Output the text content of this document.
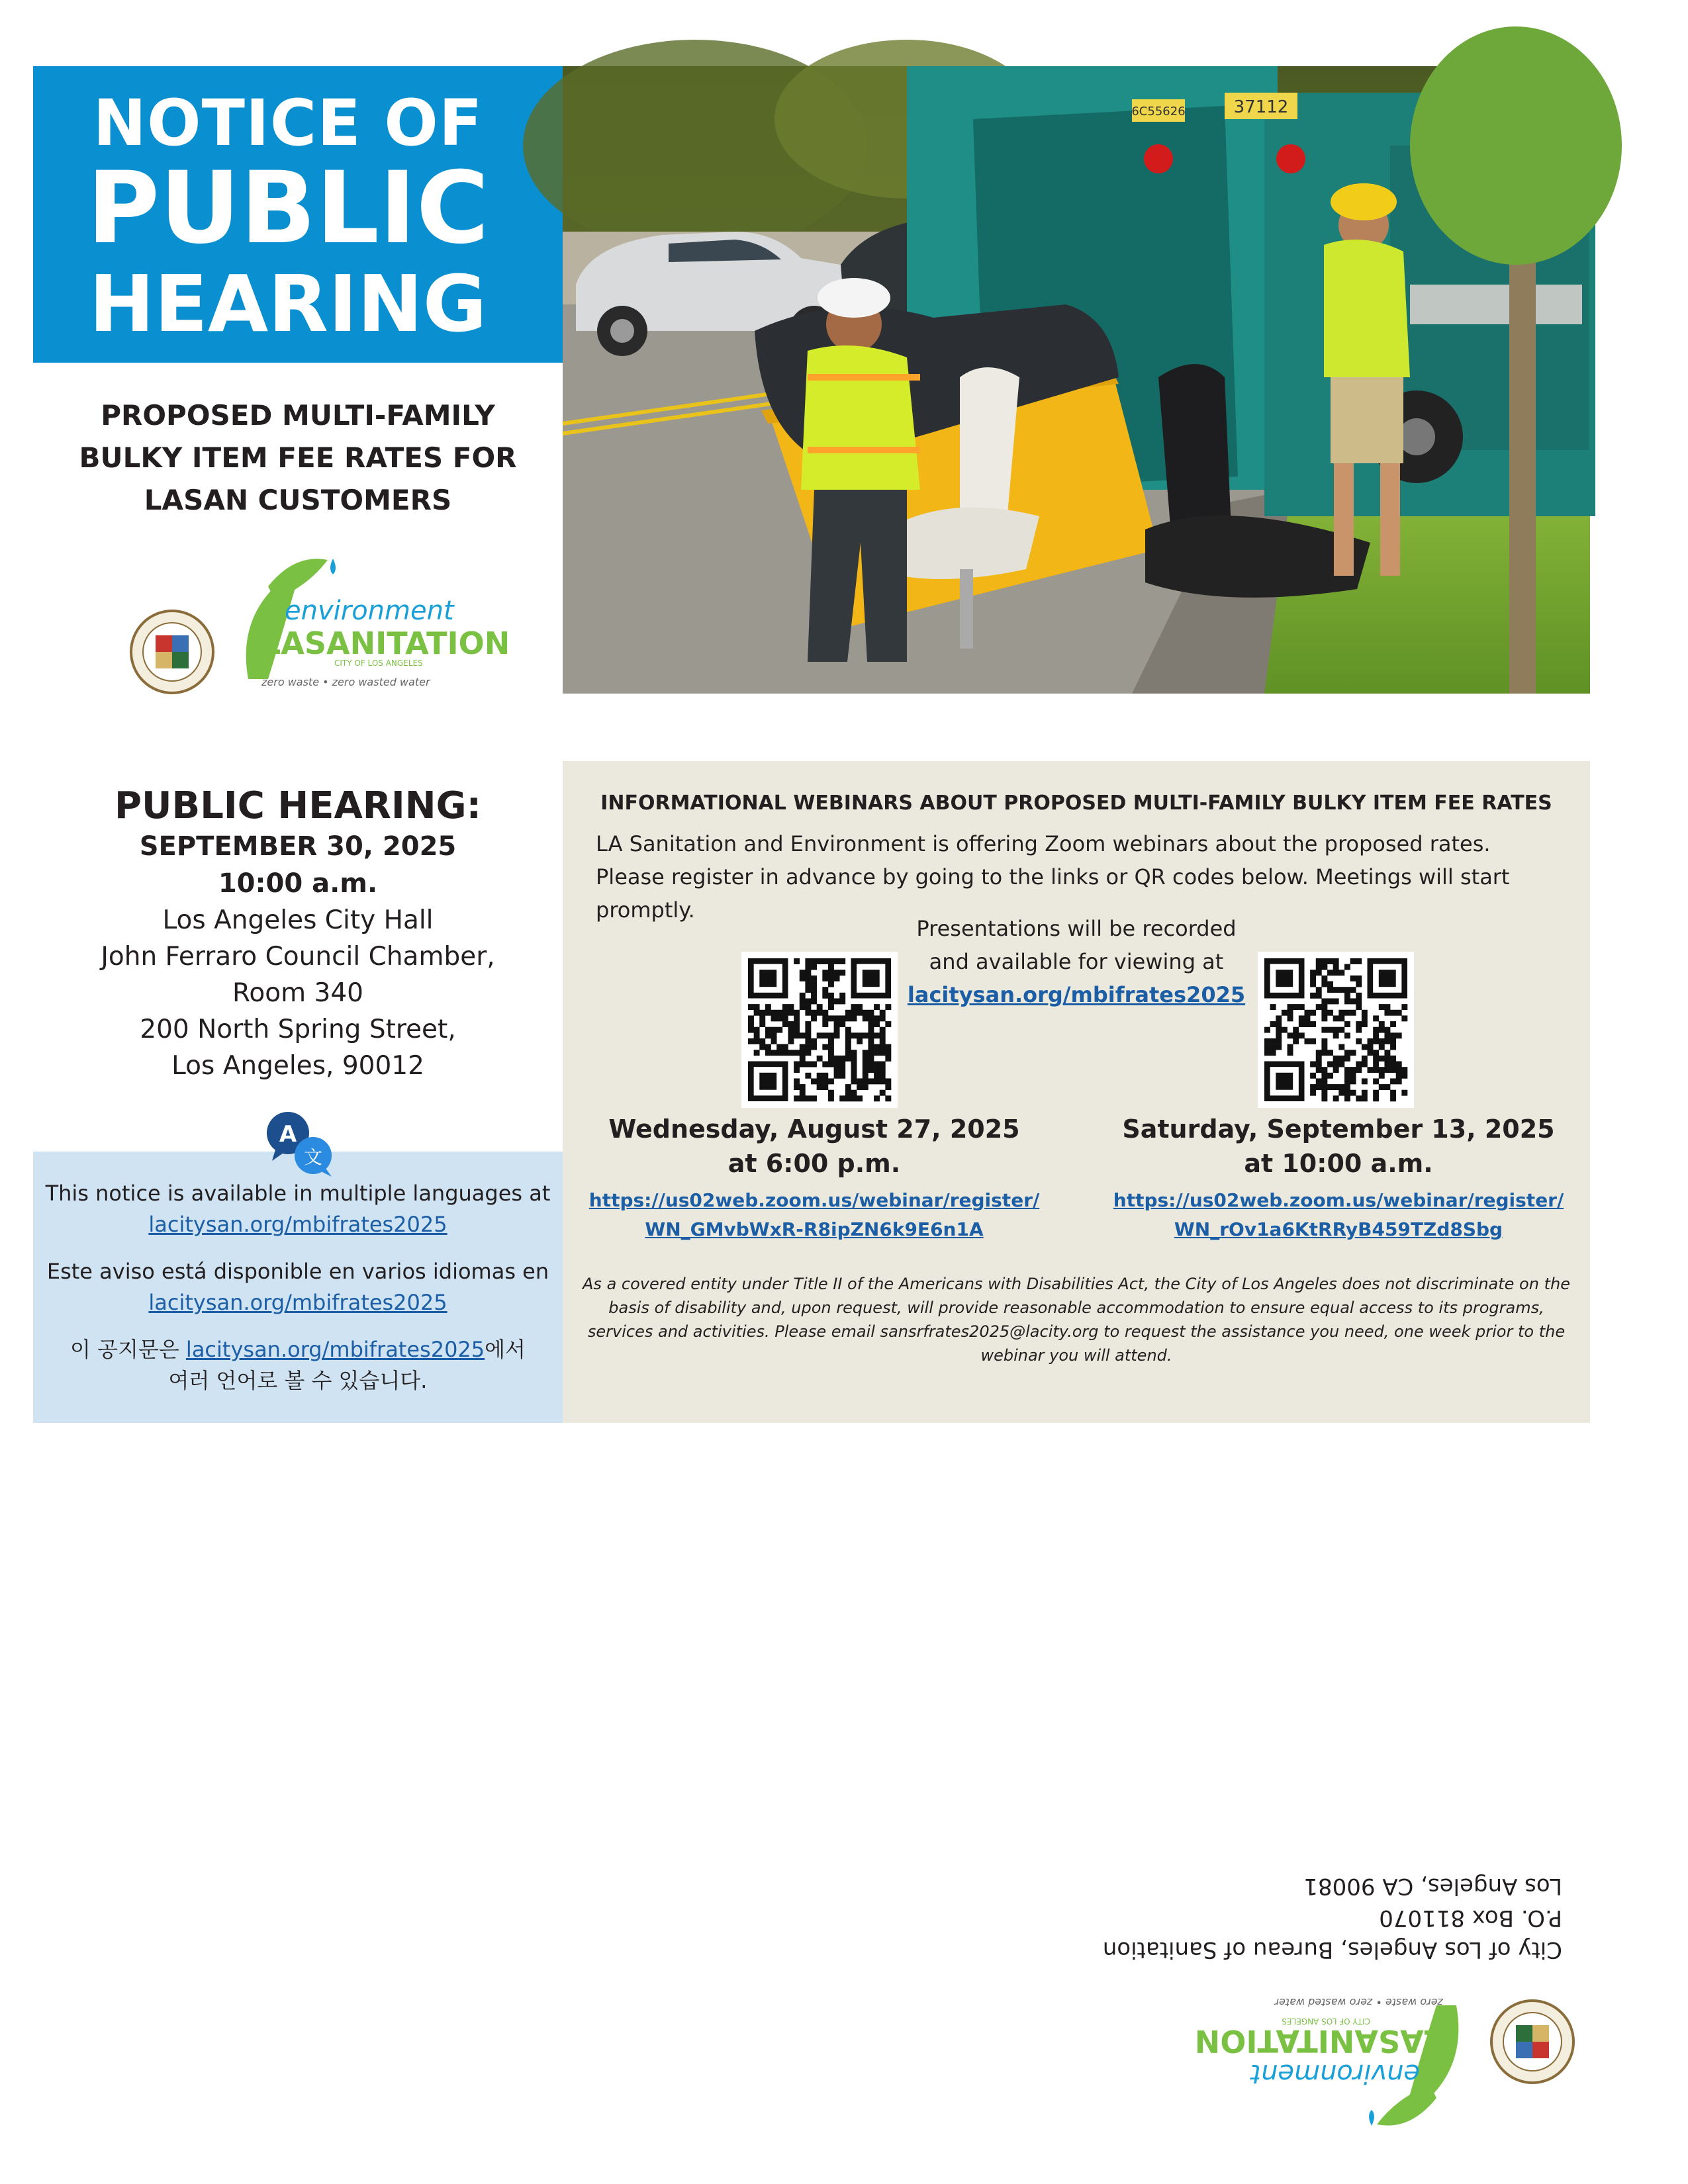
NOTICE OF
PUBLIC
HEARING
37112
6C55626
PROPOSED MULTI-FAMILY
BULKY ITEM FEE RATES FOR
LASAN CUSTOMERS
environment
LASANITATION
CITY OF LOS ANGELES
zero waste • zero wasted water
PUBLIC HEARING:
SEPTEMBER 30, 2025
10:00 a.m.
Los Angeles City Hall
John Ferraro Council Chamber,
Room 340
200 North Spring Street,
Los Angeles, 90012
This notice is available in multiple languages at
lacitysan.org/mbifrates2025
Este aviso está disponible en varios idiomas en
lacitysan.org/mbifrates2025
이 공지문은 lacitysan.org/mbifrates2025에서
여러 언어로 볼 수 있습니다.
A
文
INFORMATIONAL WEBINARS ABOUT PROPOSED MULTI-FAMILY BULKY ITEM FEE RATES
LA Sanitation and Environment is offering Zoom webinars about the proposed rates. Please register in advance by going to the links or QR codes below. Meetings will start promptly.
Presentations will be recorded
and available for viewing at
lacitysan.org/mbifrates2025
Wednesday, August 27, 2025
at 6:00 p.m.
https://us02web.zoom.us/webinar/register/
WN_GMvbWxR-R8ipZN6k9E6n1A
Saturday, September 13, 2025
at 10:00 a.m.
https://us02web.zoom.us/webinar/register/
WN_rOv1a6KtRRyB459TZd8Sbg
As a covered entity under Title II of the Americans with Disabilities Act, the City of Los Angeles does not discriminate on the basis of disability and, upon request, will provide reasonable accommodation to ensure equal access to its programs, services and activities. Please email sansrfrates2025@lacity.org to request the assistance you need, one week prior to the webinar you will attend.
environment
LASANITATION
CITY OF LOS ANGELES
zero waste • zero wasted water
City of Los Angeles, Bureau of Sanitation
P.O. Box 811070
Los Angeles, CA 90081
